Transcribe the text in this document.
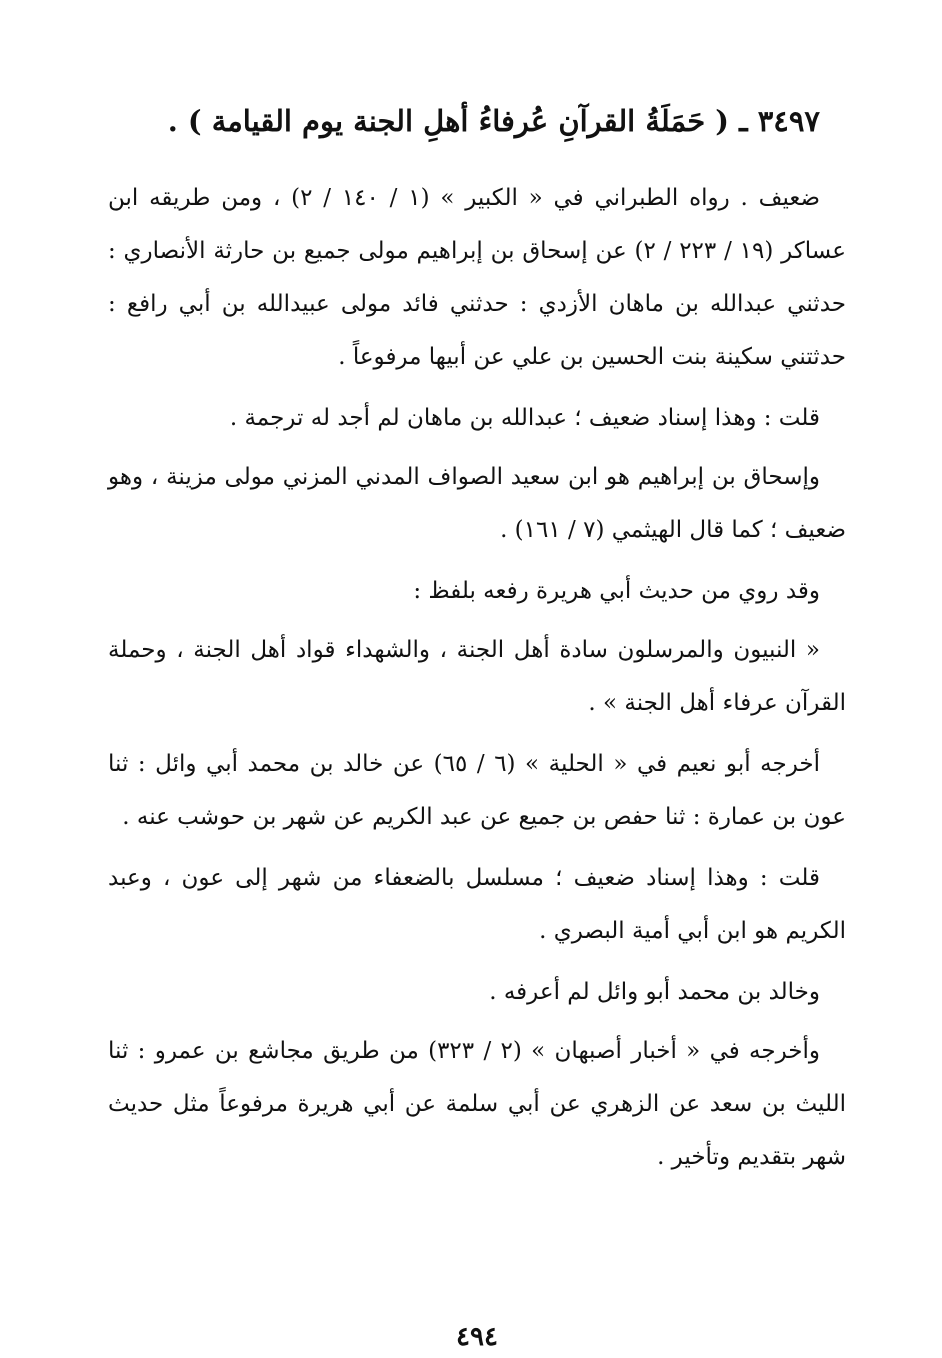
٣٤٩٧ ـ ( حَمَلَةُ القرآنِ عُرفاءُ أهلِ الجنة يوم القيامة ) .

ضعيف . رواه الطبراني في « الكبير » (١ / ١٤٠ / ٢) ، ومن طريقه ابن عساكر (١٩ / ٢٢٣ / ٢) عن إسحاق بن إبراهيم مولى جميع بن حارثة الأنصاري : حدثني عبدالله بن ماهان الأزدي : حدثني فائد مولى عبيدالله بن أبي رافع : حدثتني سكينة بنت الحسين بن علي عن أبيها مرفوعاً .

قلت : وهذا إسناد ضعيف ؛ عبدالله بن ماهان لم أجد له ترجمة .

وإسحاق بن إبراهيم هو ابن سعيد الصواف المدني المزني مولى مزينة ، وهو ضعيف ؛ كما قال الهيثمي (٧ / ١٦١) .

وقد روي من حديث أبي هريرة رفعه بلفظ :

« النبيون والمرسلون سادة أهل الجنة ، والشهداء قواد أهل الجنة ، وحملة القرآن عرفاء أهل الجنة » .

أخرجه أبو نعيم في « الحلية » (٦ / ٦٥) عن خالد بن محمد أبي وائل : ثنا عون بن عمارة : ثنا حفص بن جميع عن عبد الكريم عن شهر بن حوشب عنه .

قلت : وهذا إسناد ضعيف ؛ مسلسل بالضعفاء من شهر إلى عون ، وعبد الكريم هو ابن أبي أمية البصري .

وخالد بن محمد أبو وائل لم أعرفه .

وأخرجه في « أخبار أصبهان » (٢ / ٣٢٣) من طريق مجاشع بن عمرو : ثنا الليث بن سعد عن الزهري عن أبي سلمة عن أبي هريرة مرفوعاً مثل حديث شهر بتقديم وتأخير .

٤٩٤
